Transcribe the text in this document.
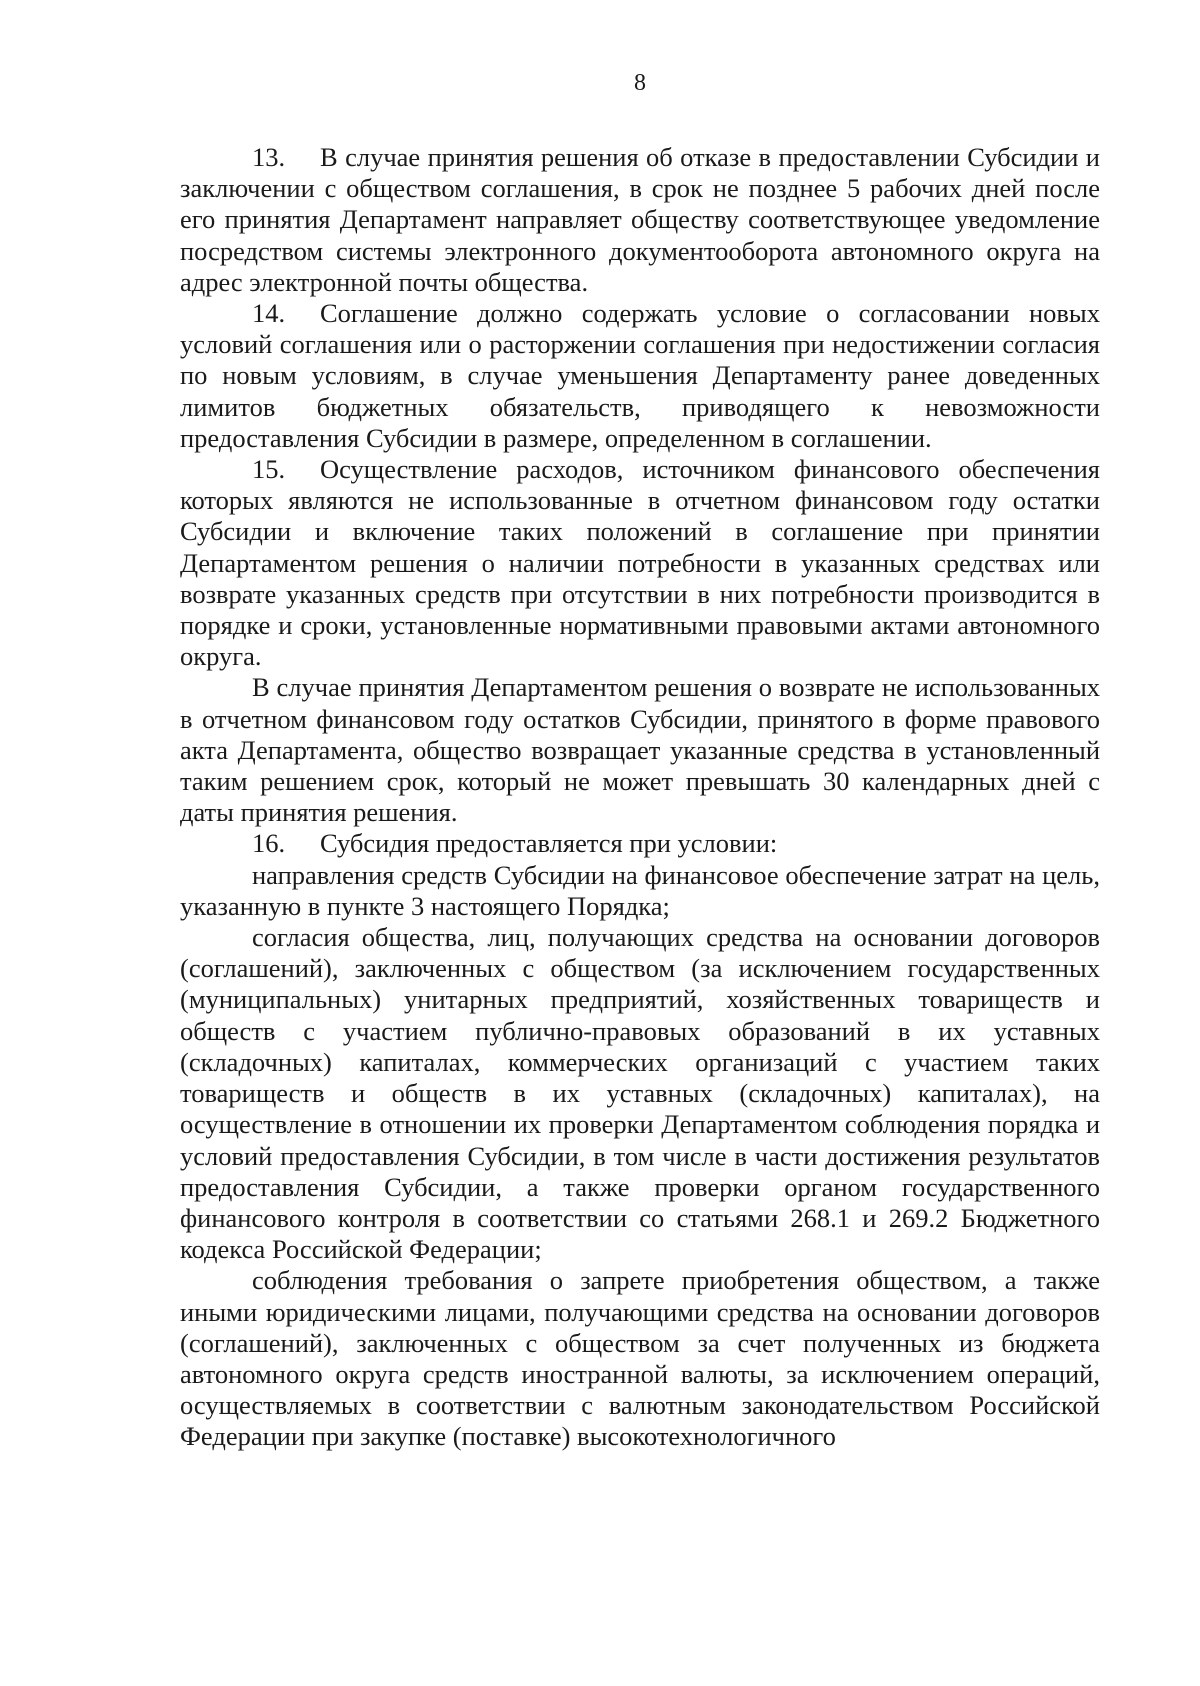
8

13. В случае принятия решения об отказе в предоставлении Субсидии и заключении с обществом соглашения, в срок не позднее 5 рабочих дней после его принятия Департамент направляет обществу соответствующее уведомление посредством системы электронного документооборота автономного округа на адрес электронной почты общества.

14. Соглашение должно содержать условие о согласовании новых условий соглашения или о расторжении соглашения при недостижении согласия по новым условиям, в случае уменьшения Департаменту ранее доведенных лимитов бюджетных обязательств, приводящего к невозможности предоставления Субсидии в размере, определенном в соглашении.

15. Осуществление расходов, источником финансового обеспечения которых являются не использованные в отчетном финансовом году остатки Субсидии и включение таких положений в соглашение при принятии Департаментом решения о наличии потребности в указанных средствах или возврате указанных средств при отсутствии в них потребности производится в порядке и сроки, установленные нормативными правовыми актами автономного округа.

В случае принятия Департаментом решения о возврате не использованных в отчетном финансовом году остатков Субсидии, принятого в форме правового акта Департамента, общество возвращает указанные средства в установленный таким решением срок, который не может превышать 30 календарных дней с даты принятия решения.

16. Субсидия предоставляется при условии:

направления средств Субсидии на финансовое обеспечение затрат на цель, указанную в пункте 3 настоящего Порядка;

согласия общества, лиц, получающих средства на основании договоров (соглашений), заключенных с обществом (за исключением государственных (муниципальных) унитарных предприятий, хозяйственных товариществ и обществ с участием публично-правовых образований в их уставных (складочных) капиталах, коммерческих организаций с участием таких товариществ и обществ в их уставных (складочных) капиталах), на осуществление в отношении их проверки Департаментом соблюдения порядка и условий предоставления Субсидии, в том числе в части достижения результатов предоставления Субсидии, а также проверки органом государственного финансового контроля в соответствии со статьями 268.1 и 269.2 Бюджетного кодекса Российской Федерации;

соблюдения требования о запрете приобретения обществом, а также иными юридическими лицами, получающими средства на основании договоров (соглашений), заключенных с обществом за счет полученных из бюджета автономного округа средств иностранной валюты, за исключением операций, осуществляемых в соответствии с валютным законодательством Российской Федерации при закупке (поставке) высокотехнологичного
